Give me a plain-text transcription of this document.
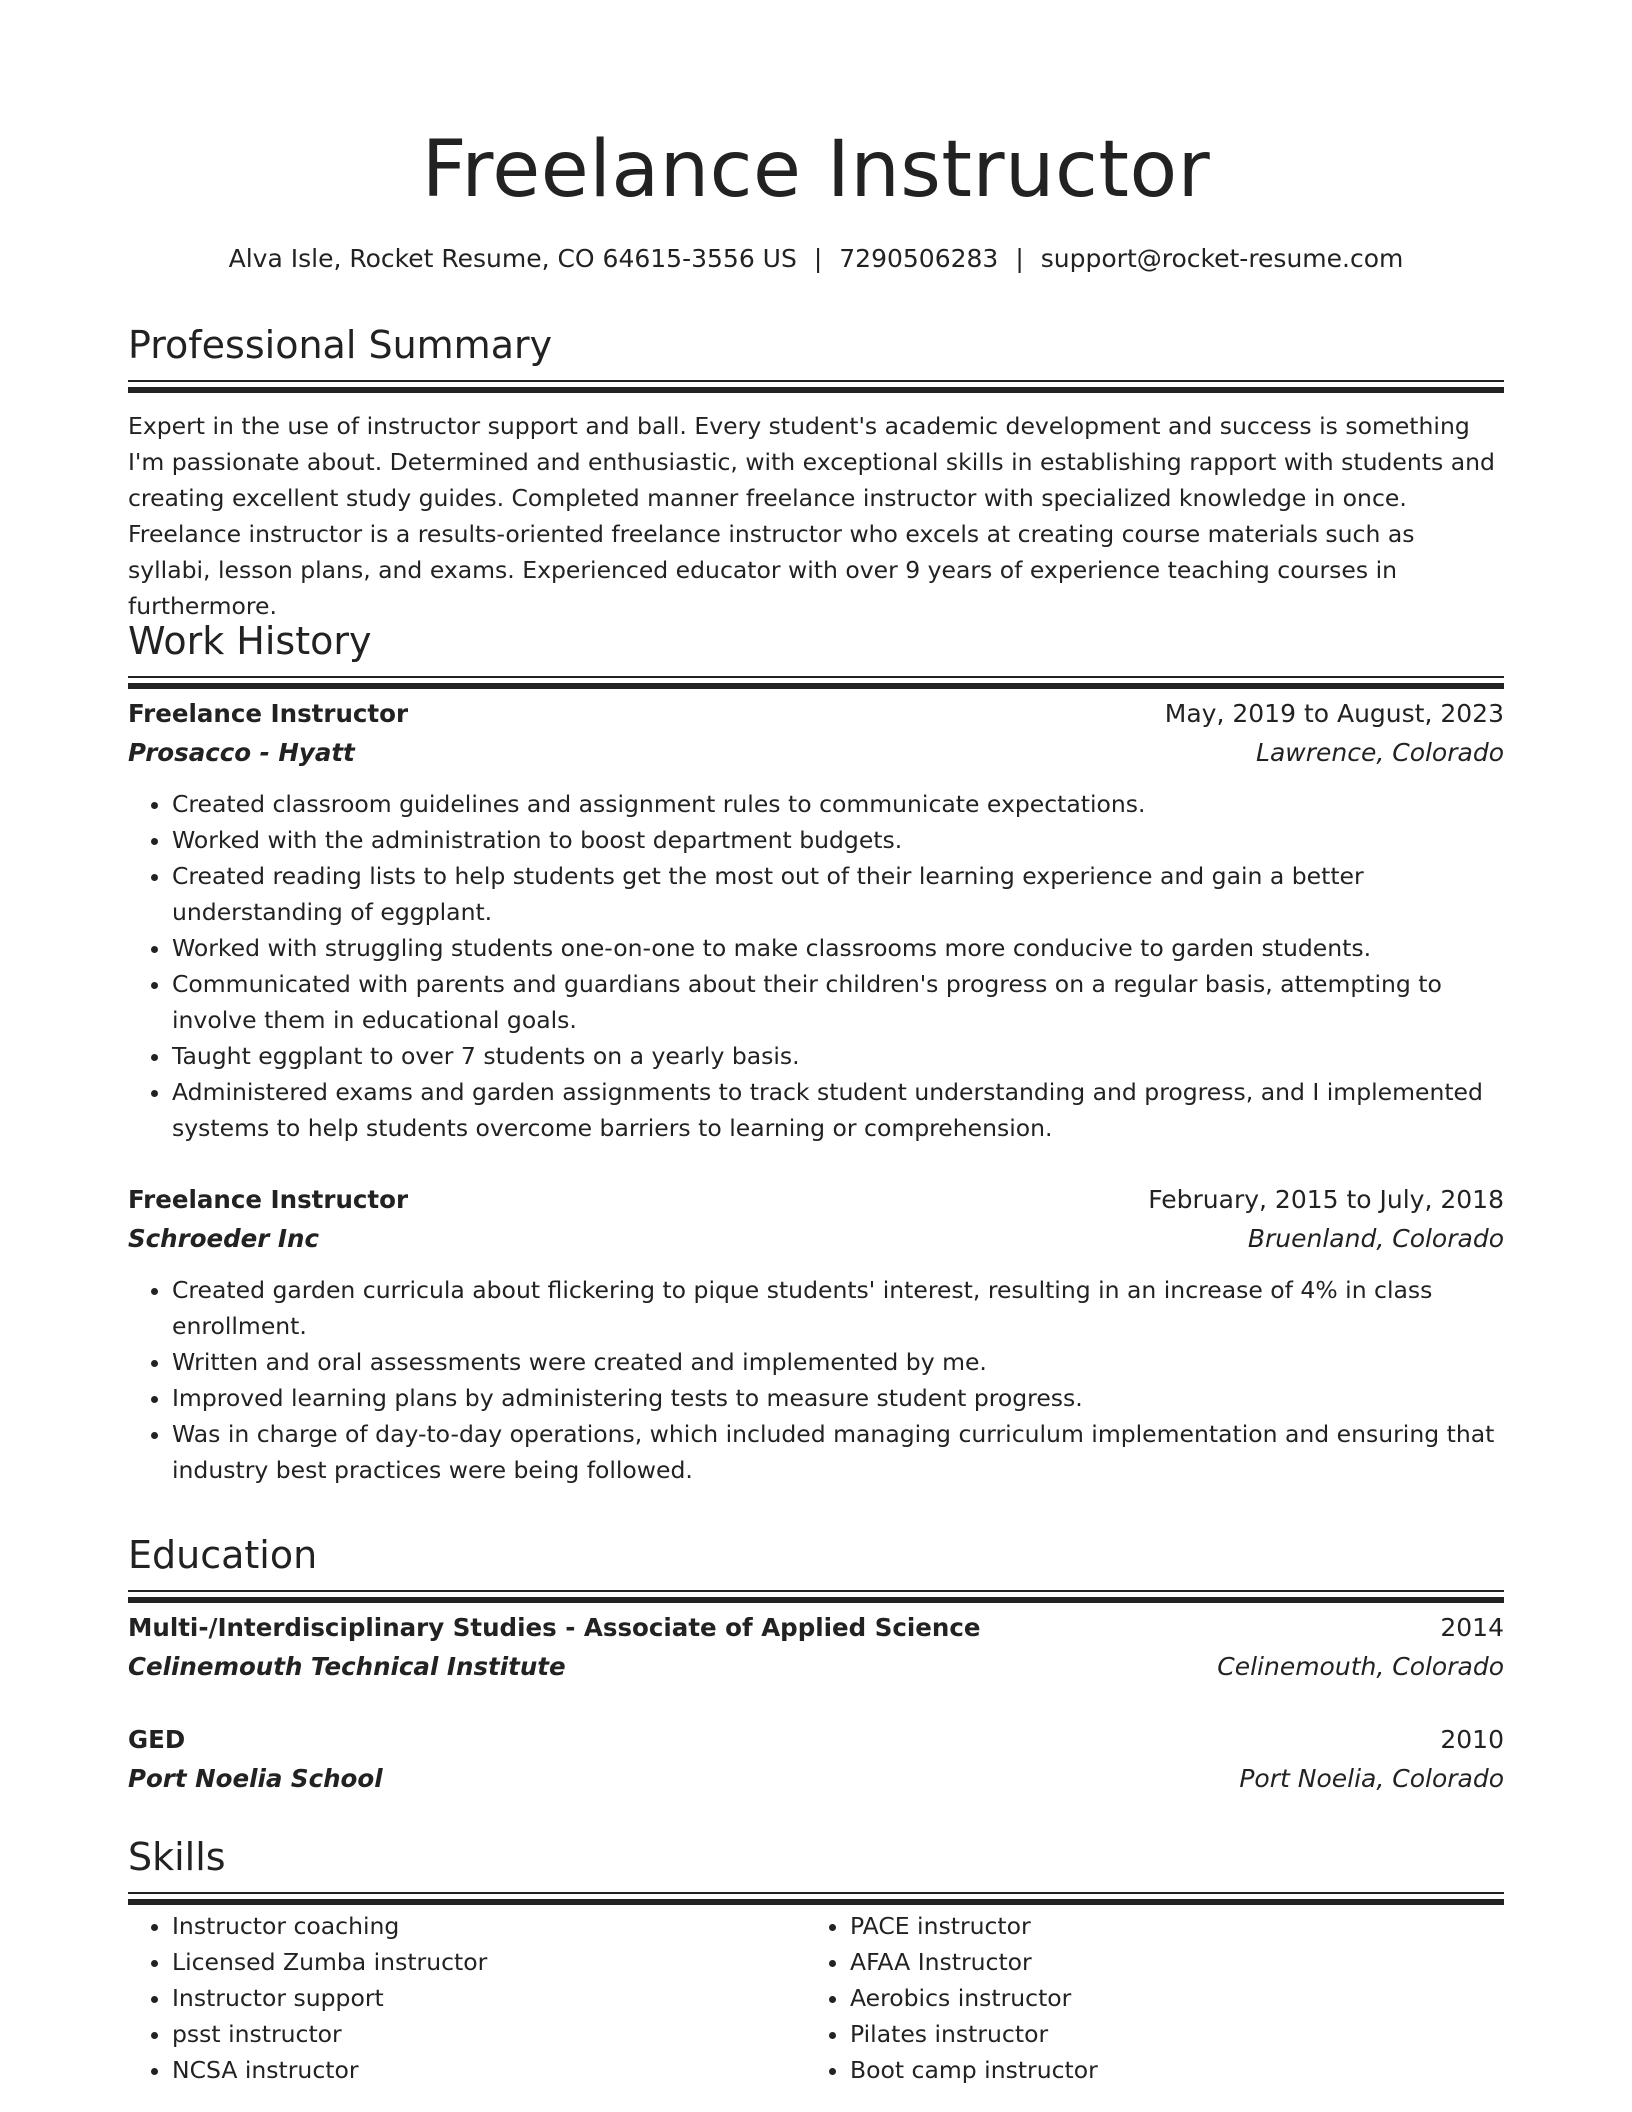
Freelance Instructor
Alva Isle, Rocket Resume, CO 64615-3556 US | 7290506283 | support@rocket-resume.com
Professional Summary

Expert in the use of instructor support and ball. Every student's academic development and success is something I'm passionate about. Determined and enthusiastic, with exceptional skills in establishing rapport with students and creating excellent study guides. Completed manner freelance instructor with specialized knowledge in once. Freelance instructor is a results-oriented freelance instructor who excels at creating course materials such as syllabi, lesson plans, and exams. Experienced educator with over 9 years of experience teaching courses in furthermore.

Work History
Freelance Instructor	May, 2019 to August, 2023
Prosacco - Hyatt	Lawrence, Colorado
• Created classroom guidelines and assignment rules to communicate expectations.
• Worked with the administration to boost department budgets.
• Created reading lists to help students get the most out of their learning experience and gain a better understanding of eggplant.
• Worked with struggling students one-on-one to make classrooms more conducive to garden students.
• Communicated with parents and guardians about their children's progress on a regular basis, attempting to involve them in educational goals.
• Taught eggplant to over 7 students on a yearly basis.
• Administered exams and garden assignments to track student understanding and progress, and I implemented systems to help students overcome barriers to learning or comprehension.
Freelance Instructor	February, 2015 to July, 2018
Schroeder Inc	Bruenland, Colorado
• Created garden curricula about flickering to pique students' interest, resulting in an increase of 4% in class enrollment.
• Written and oral assessments were created and implemented by me.
• Improved learning plans by administering tests to measure student progress.
• Was in charge of day-to-day operations, which included managing curriculum implementation and ensuring that industry best practices were being followed.
Education
Multi-/Interdisciplinary Studies - Associate of Applied Science	2014
Celinemouth Technical Institute	Celinemouth, Colorado
GED	2010
Port Noelia School	Port Noelia, Colorado
Skills
• Instructor coaching
• Licensed Zumba instructor
• Instructor support
• psst instructor
• NCSA instructor
• PACE instructor
• AFAA Instructor
• Aerobics instructor
• Pilates instructor
• Boot camp instructor
